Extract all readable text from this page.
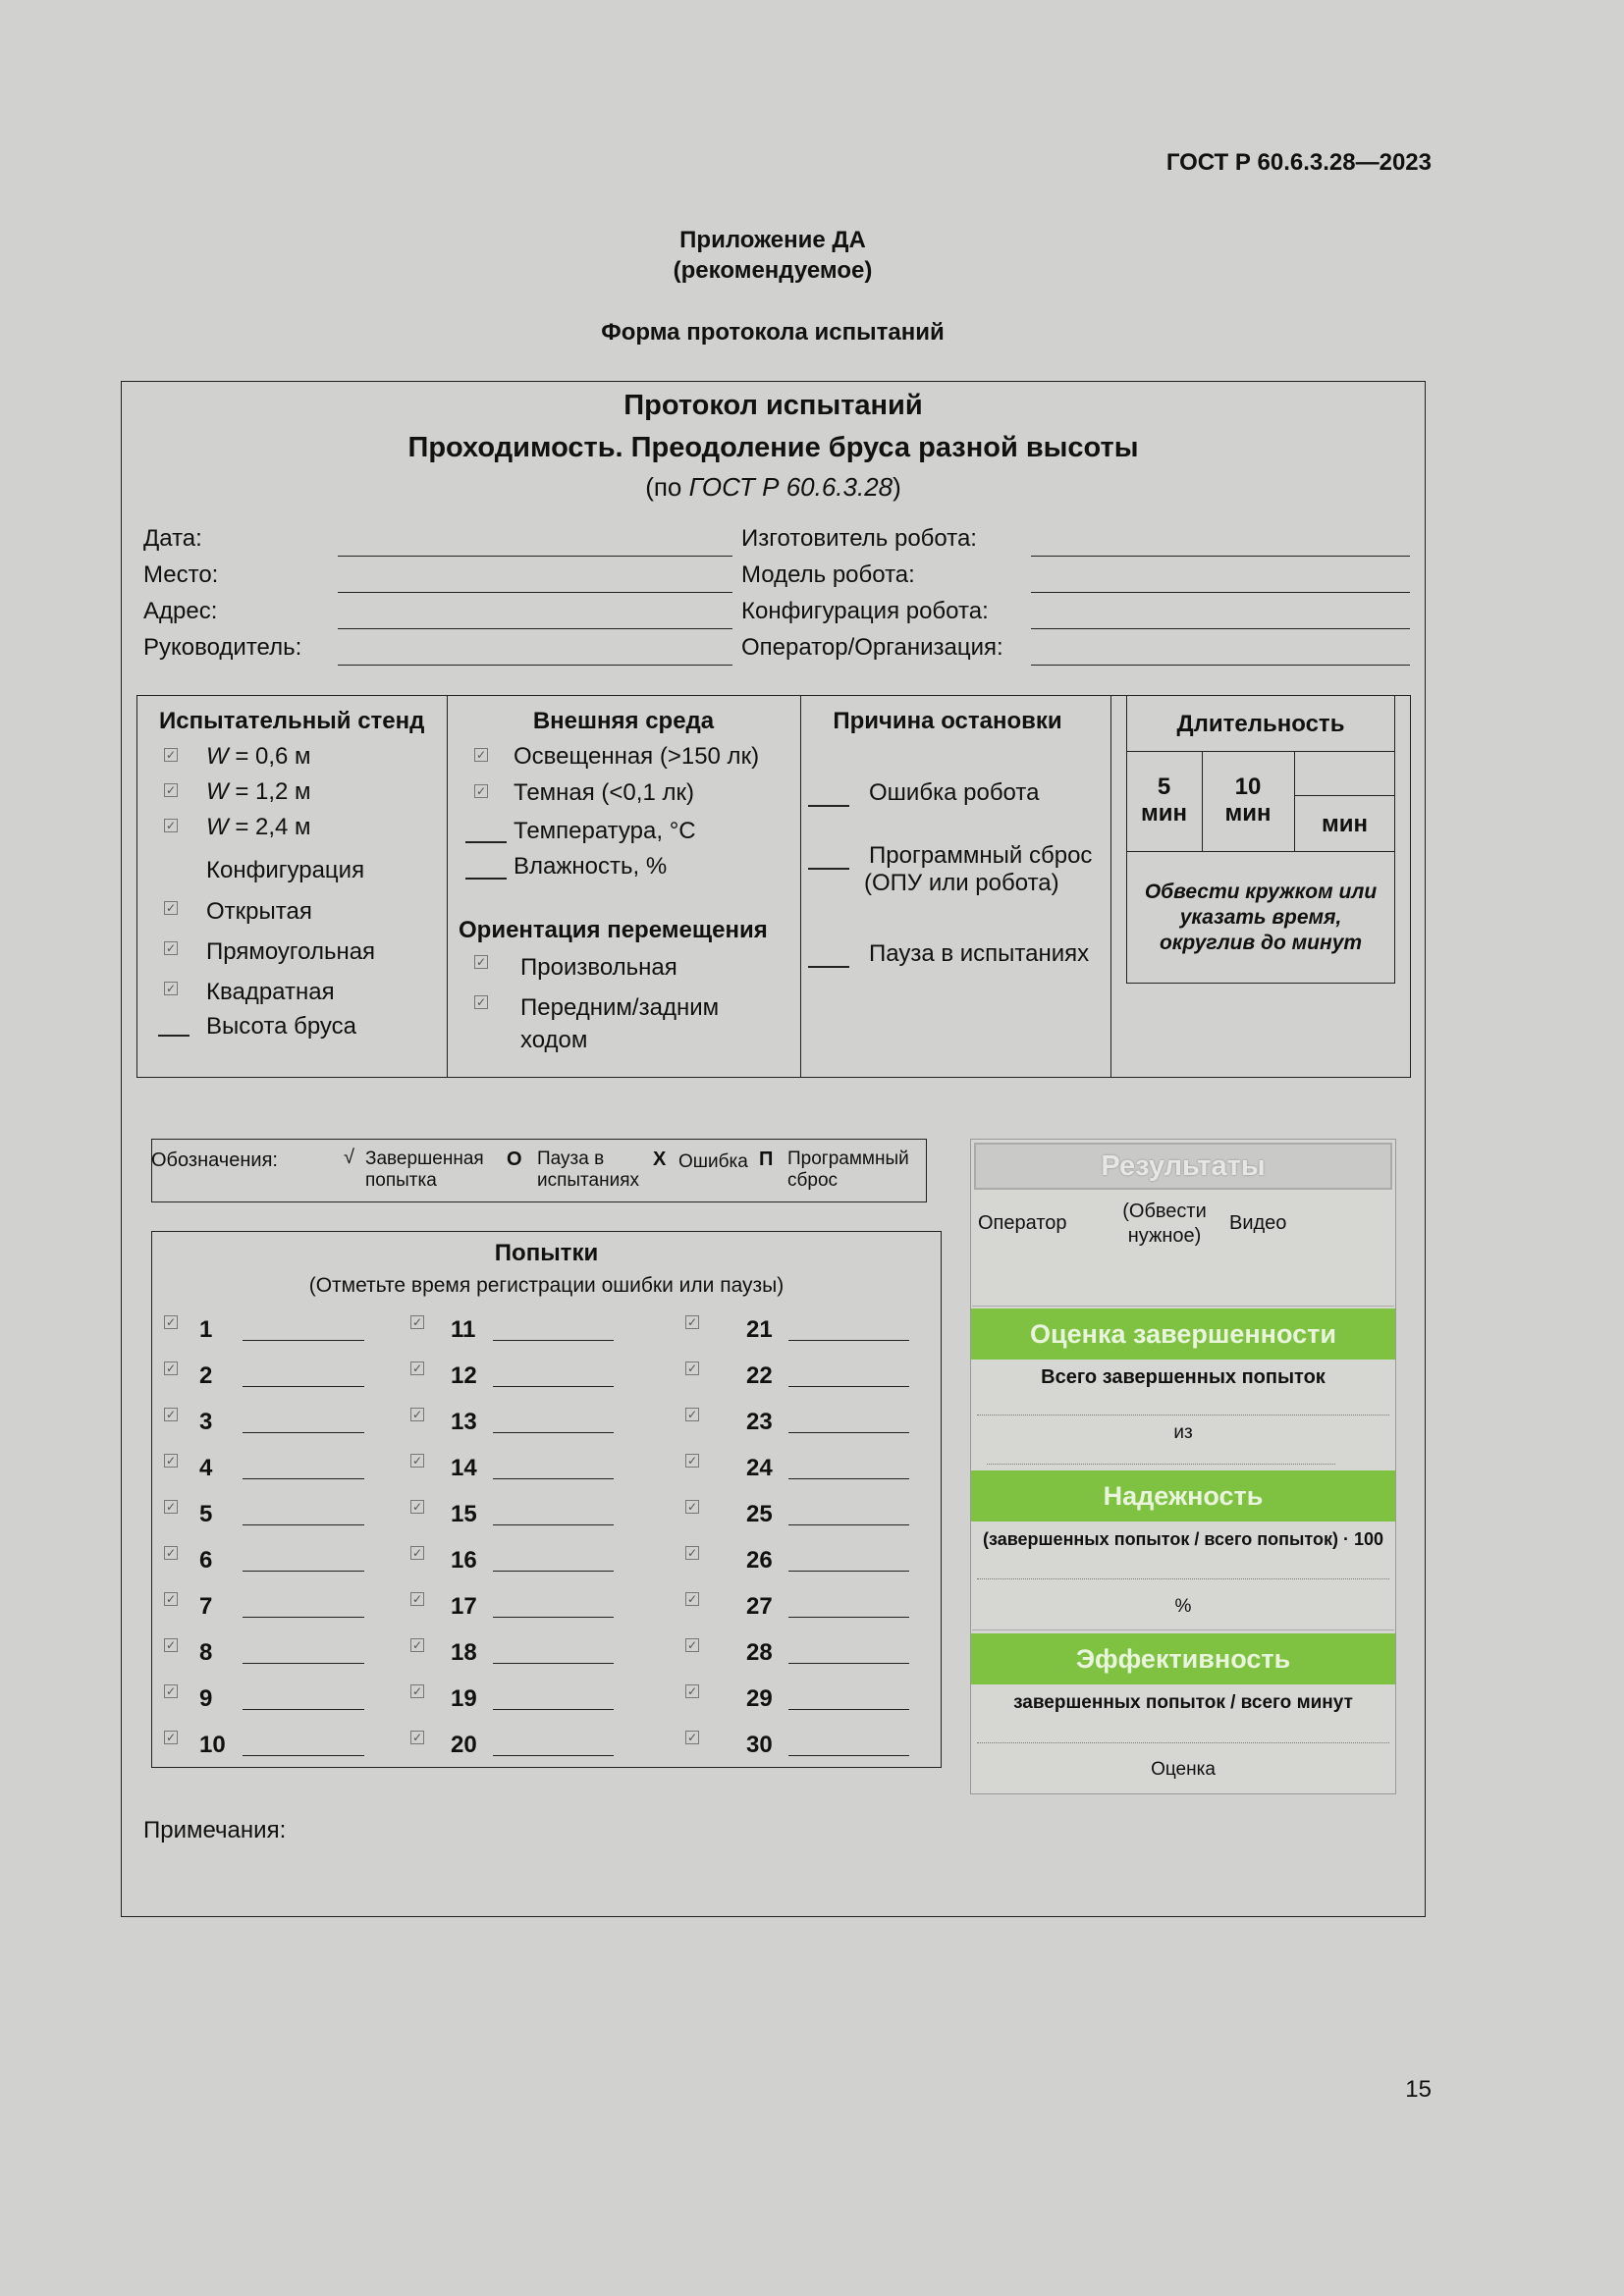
ГОСТ Р 60.6.3.28—2023
Приложение ДА
(рекомендуемое)
Форма протокола испытаний
Протокол испытаний
Проходимость. Преодоление бруса разной высоты
(по ГОСТ Р 60.6.3.28)
Дата:
Место:
Адрес:
Руководитель:
Изготовитель робота:
Модель робота:
Конфигурация робота:
Оператор/Организация:
Испытательный стенд
✓ W = 0,6 м
✓ W = 1,2 м
✓ W = 2,4 м
Конфигурация
✓ Открытая
✓ Прямоугольная
✓ Квадратная
Высота бруса
Внешняя среда
✓ Освещенная (>150 лк)
✓ Темная (<0,1 лк)
Температура, °С
Влажность, %
Ориентация перемещения
✓ Произвольная
✓ Передним/задним
ходом
Причина остановки
Ошибка робота
Программный сброс
(ОПУ или робота)
Пауза в испытаниях
Длительность
5
мин
10
мин	мин
Обвести кружком или
указать время,
округлив до минут
Обозначения:	√ Завершенная
попытка
О Пауза в
испытаниях
Х Ошибка П Программный
сброс
Попытки
(Отметьте время регистрации ошибки или паузы)
✓ 1
✓ 2
✓ 3
✓ 4
✓ 5
✓ 6
✓ 7
✓ 8
✓ 9
✓ 10
✓ 11
✓ 12
✓ 13
✓ 14
✓ 15
✓ 16
✓ 17
✓ 18
✓ 19
✓ 20
✓ 21
✓ 22
✓ 23
✓ 24
✓ 25
✓ 26
✓ 27
✓ 28
✓ 29
✓ 30
Результаты
Оператор
(Обвести
нужное)
Видео
Оценка завершенности
Всего завершенных попыток
из
Надежность
(завершенных попыток / всего попыток) · 100
%
Эффективность
завершенных попыток / всего минут
Оценка
Примечания:
15
